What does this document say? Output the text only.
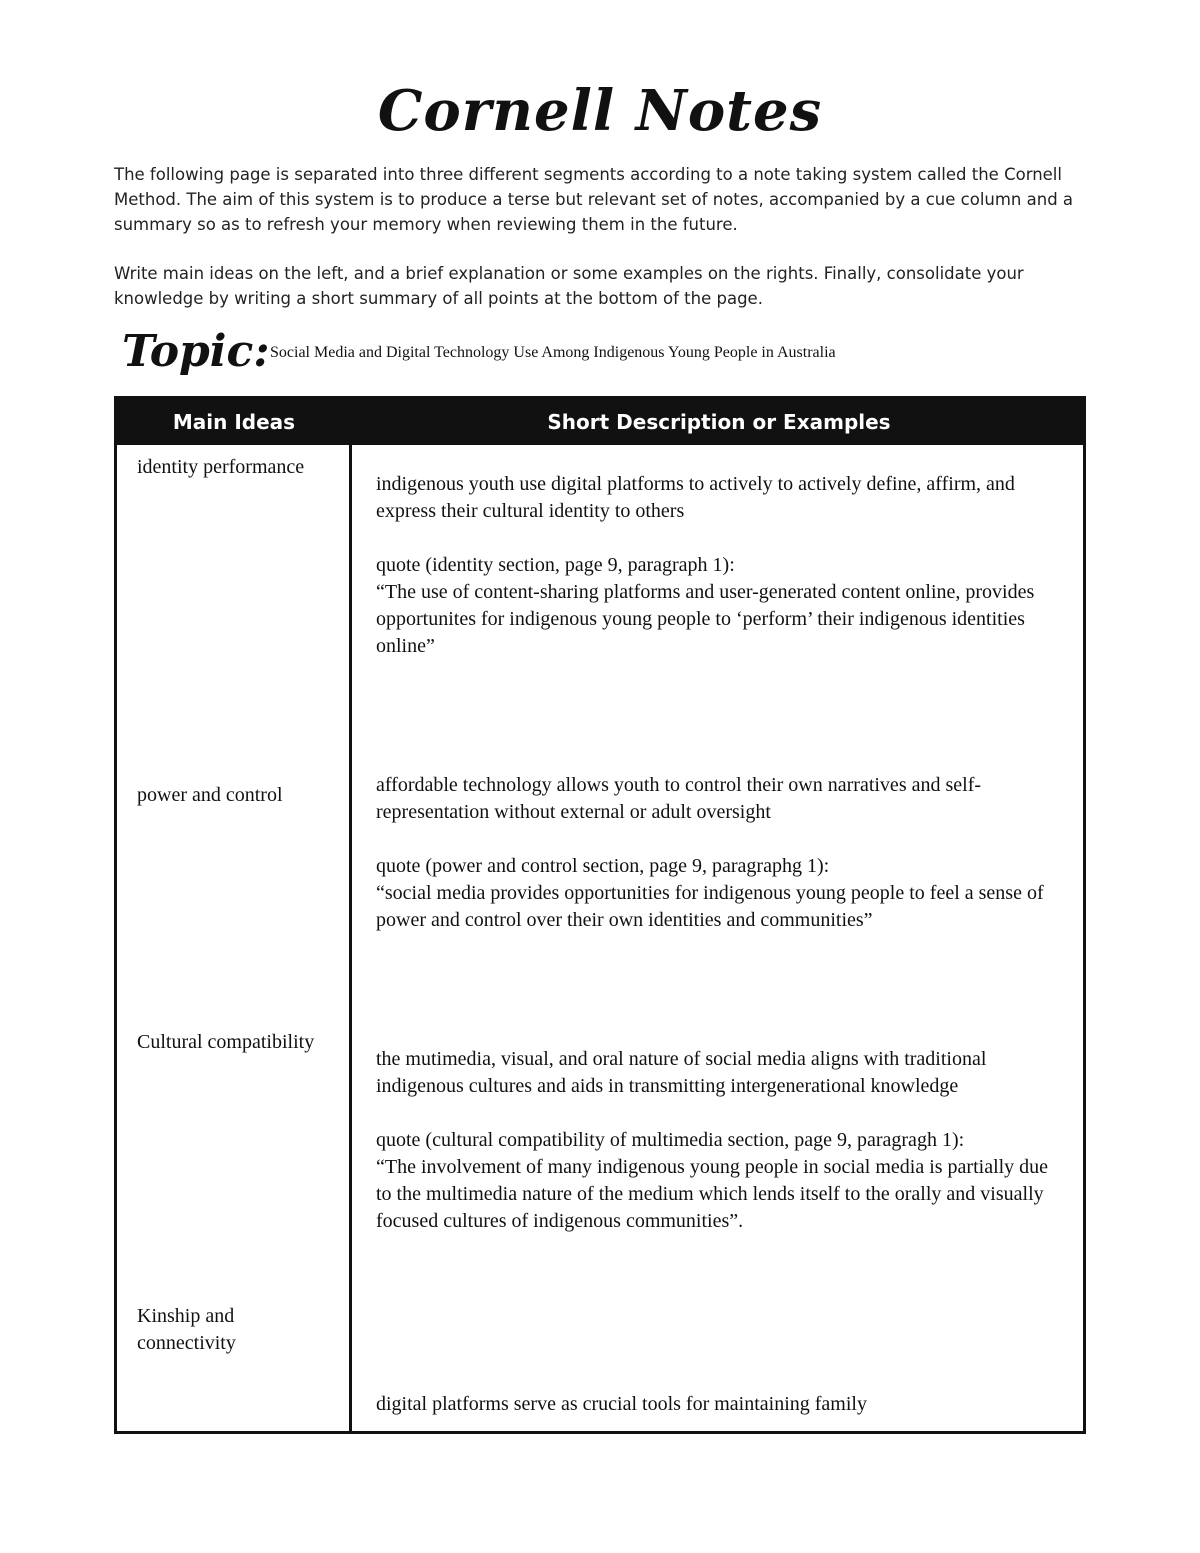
Cornell Notes

The following page is separated into three different segments according to a note taking system called the Cornell Method. The aim of this system is to produce a terse but relevant set of notes, accompanied by a cue column and a summary so as to refresh your memory when reviewing them in the future.

Write main ideas on the left, and a brief explanation or some examples on the rights. Finally, consolidate your knowledge by writing a short summary of all points at the bottom of the page.

Topic: Social Media and Digital Technology Use Among Indigenous Young People in Australia
Main Ideas	Short Description or Examples
identity performance

indigenous youth use digital platforms to actively to actively define, affirm, and express their cultural identity to others

quote (identity section, page 9, paragraph 1):
“The use of content-sharing platforms and user-generated content online, provides opportunites for indigenous young people to ‘perform’ their indigenous identities online”
power and control	affordable technology allows youth to control their own narratives and self-representation without external or adult oversight

quote (power and control section, page 9, paragraphg 1):
“social media provides opportunities for indigenous young people to feel a sense of power and control over their own identities and communities”
Cultural compatibility

the mutimedia, visual, and oral nature of social media aligns with traditional indigenous cultures and aids in transmitting intergenerational knowledge

quote (cultural compatibility of multimedia section, page 9, paragragh 1):
“The involvement of many indigenous young people in social media is partially due to the multimedia nature of the medium which lends itself to the orally and visually focused cultures of indigenous communities”.
Kinship and connectivity
digital platforms serve as crucial tools for maintaining family
